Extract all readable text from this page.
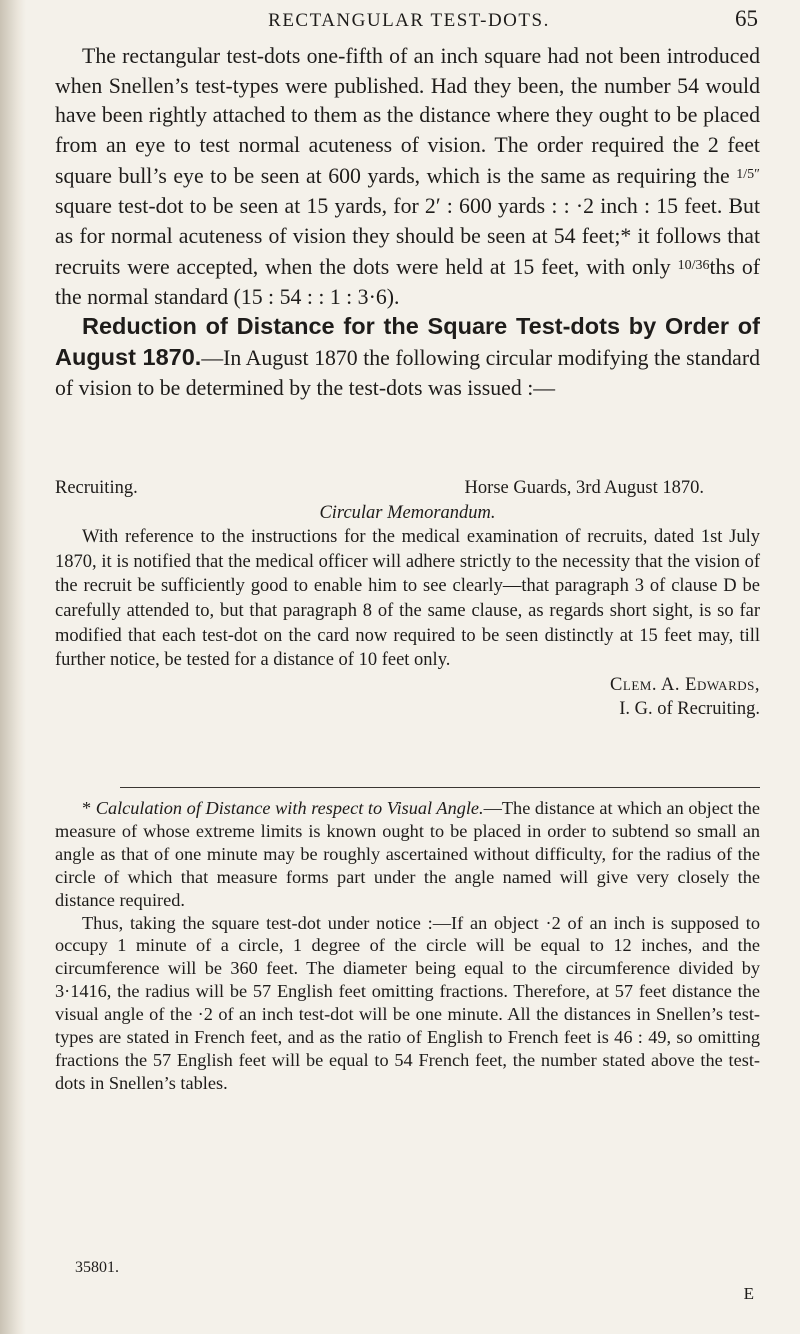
RECTANGULAR TEST-DOTS.	65

The rectangular test-dots one-fifth of an inch square had not been introduced when Snellen’s test-types were published. Had they been, the number 54 would have been rightly attached to them as the distance where they ought to be placed from an eye to test normal acuteness of vision. The order required the 2 feet square bull’s eye to be seen at 600 yards, which is the same as requiring the $^{1/5''}$ square test-dot to be seen at 15 yards, for 2′ : 600 yards : : ·2 inch : 15 feet. But as for normal acuteness of vision they should be seen at 54 feet;* it follows that recruits were accepted, when the dots were held at 15 feet, with only $^{10/36}$ths of the normal standard (15 : 54 : : 1 : 3·6).

Reduction of Distance for the Square Test-dots by Order of August 1870.—In August 1870 the following circular modifying the standard of vision to be determined by the test-dots was issued :—

Recruiting.	Horse Guards, 3rd August 1870.

Circular Memorandum.

With reference to the instructions for the medical examination of recruits, dated 1st July 1870, it is notified that the medical officer will adhere strictly to the necessity that the vision of the recruit be sufficiently good to enable him to see clearly—that paragraph 3 of clause D be carefully attended to, but that paragraph 8 of the same clause, as regards short sight, is so far modified that each test-dot on the card now required to be seen distinctly at 15 feet may, till further notice, be tested for a distance of 10 feet only.

Clem. A. Edwards,

I. G. of Recruiting.

* Calculation of Distance with respect to Visual Angle.—The distance at which an object the measure of whose extreme limits is known ought to be placed in order to subtend so small an angle as that of one minute may be roughly ascertained without difficulty, for the radius of the circle of which that measure forms part under the angle named will give very closely the distance required.

Thus, taking the square test-dot under notice :—If an object ·2 of an inch is supposed to occupy 1 minute of a circle, 1 degree of the circle will be equal to 12 inches, and the circumference will be 360 feet. The diameter being equal to the circumference divided by 3·1416, the radius will be 57 English feet omitting fractions. Therefore, at 57 feet distance the visual angle of the ·2 of an inch test-dot will be one minute. All the distances in Snellen’s test-types are stated in French feet, and as the ratio of English to French feet is 46 : 49, so omitting fractions the 57 English feet will be equal to 54 French feet, the number stated above the test-dots in Snellen’s tables.

35801.
E
